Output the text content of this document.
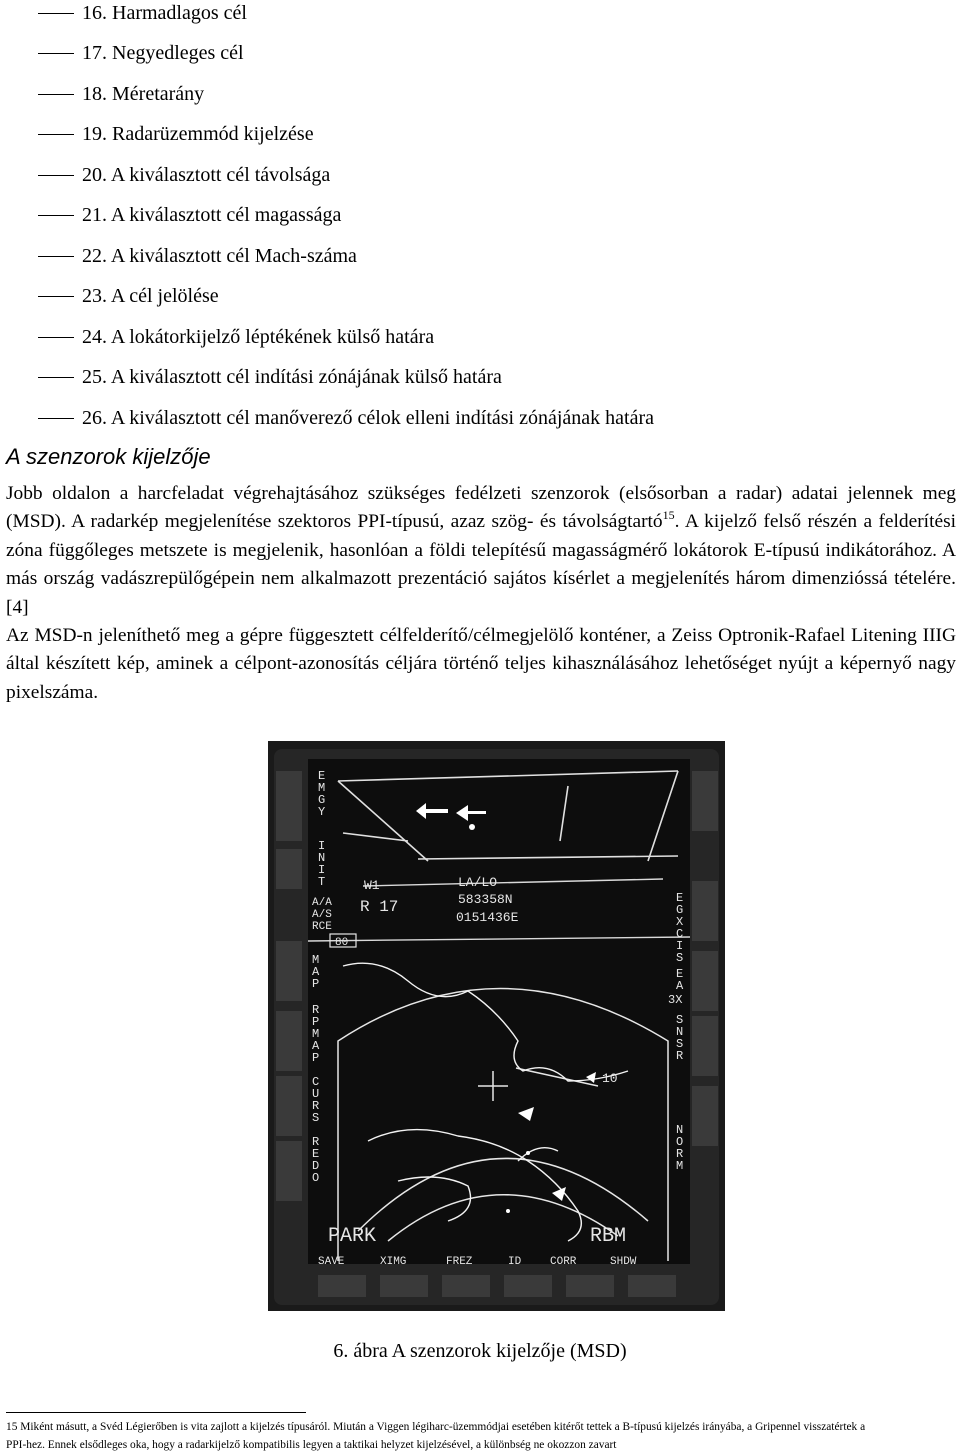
16. Harmadlagos cél
17. Negyedleges cél
18. Méretarány
19. Radarüzemmód kijelzése
20. A kiválasztott cél távolsága
21. A kiválasztott cél magassága
22. A kiválasztott cél Mach-száma
23. A cél jelölése
24. A lokátorkijelző léptékének külső határa
25. A kiválasztott cél indítási zónájának külső határa
26. A kiválasztott cél manőverező célok elleni indítási zónájának határa
A szenzorok kijelzője

Jobb oldalon a harcfeladat végrehajtásához szükséges fedélzeti szenzorok (elsősorban a radar) adatai jelennek meg (MSD). A radarkép megjelenítése szektoros PPI-típusú, azaz szög- és távolságtartó$^{15}$. A kijelző felső részén a felderítési zóna függőleges metszete is megjelenik, hasonlóan a földi telepítésű magasságmérő lokátorok E-típusú indikátorához. A más ország vadászrepülőgépein nem alkalmazott prezentáció sajátos kísérlet a megjelenítés három dimenzióssá tételére. [4]

Az MSD-n jeleníthető meg a gépre függesztett célfelderítő/célmegjelölő konténer, a Zeiss Optronik-Rafael Litening IIIG által készített kép, aminek a célpont-azonosítás céljára történő teljes kihasználásához lehetőséget nyújt a képernyő nagy pixelszáma.

E
M
G
Y
I
N
I
T	W1
R 17
LA/LO
583358N
0151436E
A/A
A/S
RCE
80
M
A
P
R
P
M
A
P
C
U
R
S
R
E
D
O
E
G
X
C
I
S
E
A
3X
S
N
S
R
N
O
R
M
10
PARK	RBM
SAVE	XIMG	FREZ	ID	CORR	SHDW
6. ábra A szenzorok kijelzője (MSD)
15 Miként másutt, a Svéd Légierőben is vita zajlott a kijelzés típusáról. Miután a Viggen légiharc-üzemmódjai esetében kitérőt tettek a B-típusú kijelzés irányába, a Gripennel visszatértek a
PPI-hez. Ennek elsődleges oka, hogy a radarkijelző kompatibilis legyen a taktikai helyzet kijelzésével, a különbség ne okozzon zavart
